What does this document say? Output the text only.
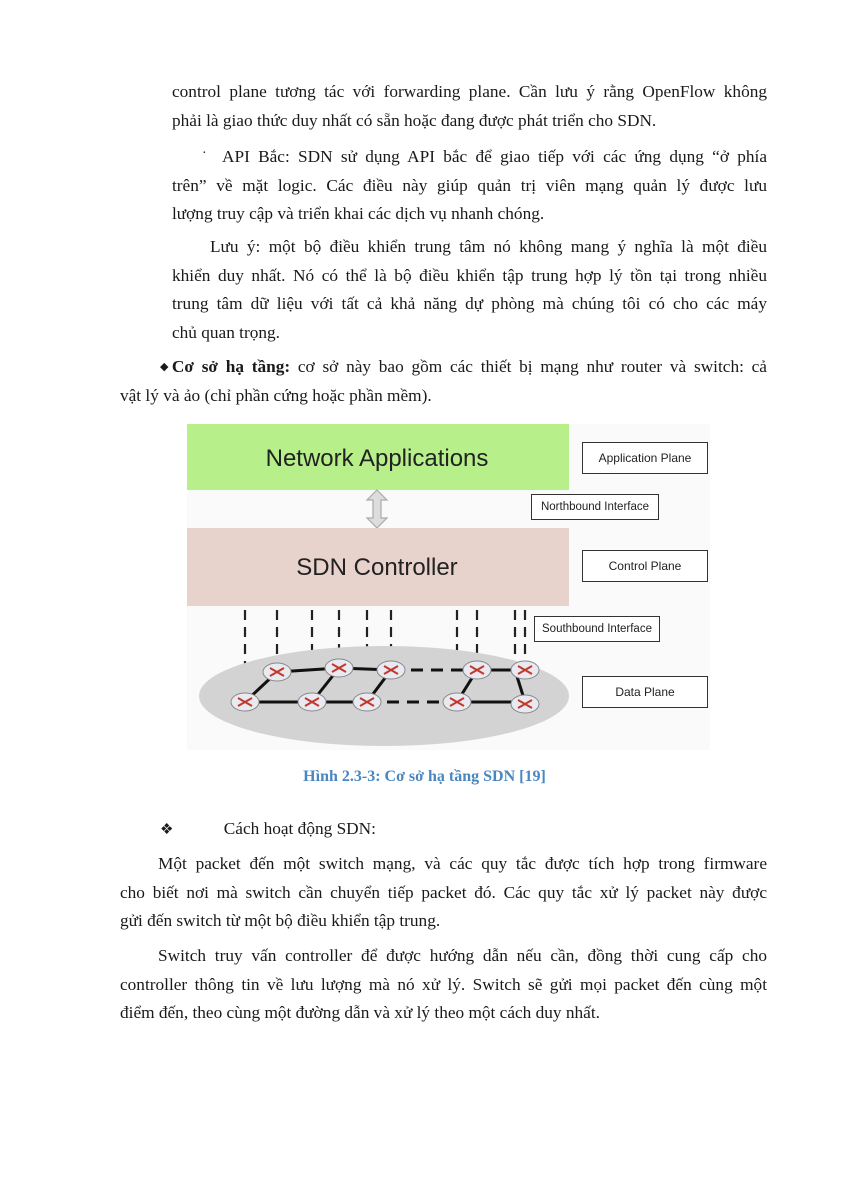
control plane tương tác với forwarding plane. Cần lưu ý rằng OpenFlow không
phải là giao thức duy nhất có sẵn hoặc đang được phát triển cho SDN.
· API Bắc: SDN sử dụng API bắc để giao tiếp với các ứng dụng “ở phía
trên” về mặt logic. Các điều này giúp quản trị viên mạng quản lý được lưu
lượng truy cập và triển khai các dịch vụ nhanh chóng.
Lưu ý: một bộ điều khiển trung tâm nó không mang ý nghĩa là một điều
khiển duy nhất. Nó có thể là bộ điều khiển tập trung hợp lý tồn tại trong nhiều
trung tâm dữ liệu với tất cả khả năng dự phòng mà chúng tôi có cho các máy
chủ quan trọng.
◆Cơ sở hạ tầng: cơ sở này bao gồm các thiết bị mạng như router và switch: cả
vật lý và ảo (chỉ phần cứng hoặc phần mềm).
Network Applications
SDN Controller
Application Plane
Northbound Interface
Control Plane
Southbound Interface
Data Plane
Hình 2.3-3: Cơ sở hạ tầng SDN [19]
❖	Cách hoạt động SDN:
Một packet đến một switch mạng, và các quy tắc được tích hợp trong firmware
cho biết nơi mà switch cần chuyển tiếp packet đó. Các quy tắc xử lý packet này được
gửi đến switch từ một bộ điều khiển tập trung.
Switch truy vấn controller để được hướng dẫn nếu cần, đồng thời cung cấp cho
controller thông tin về lưu lượng mà nó xử lý. Switch sẽ gửi mọi packet đến cùng một
điểm đến, theo cùng một đường dẫn và xử lý theo một cách duy nhất.
